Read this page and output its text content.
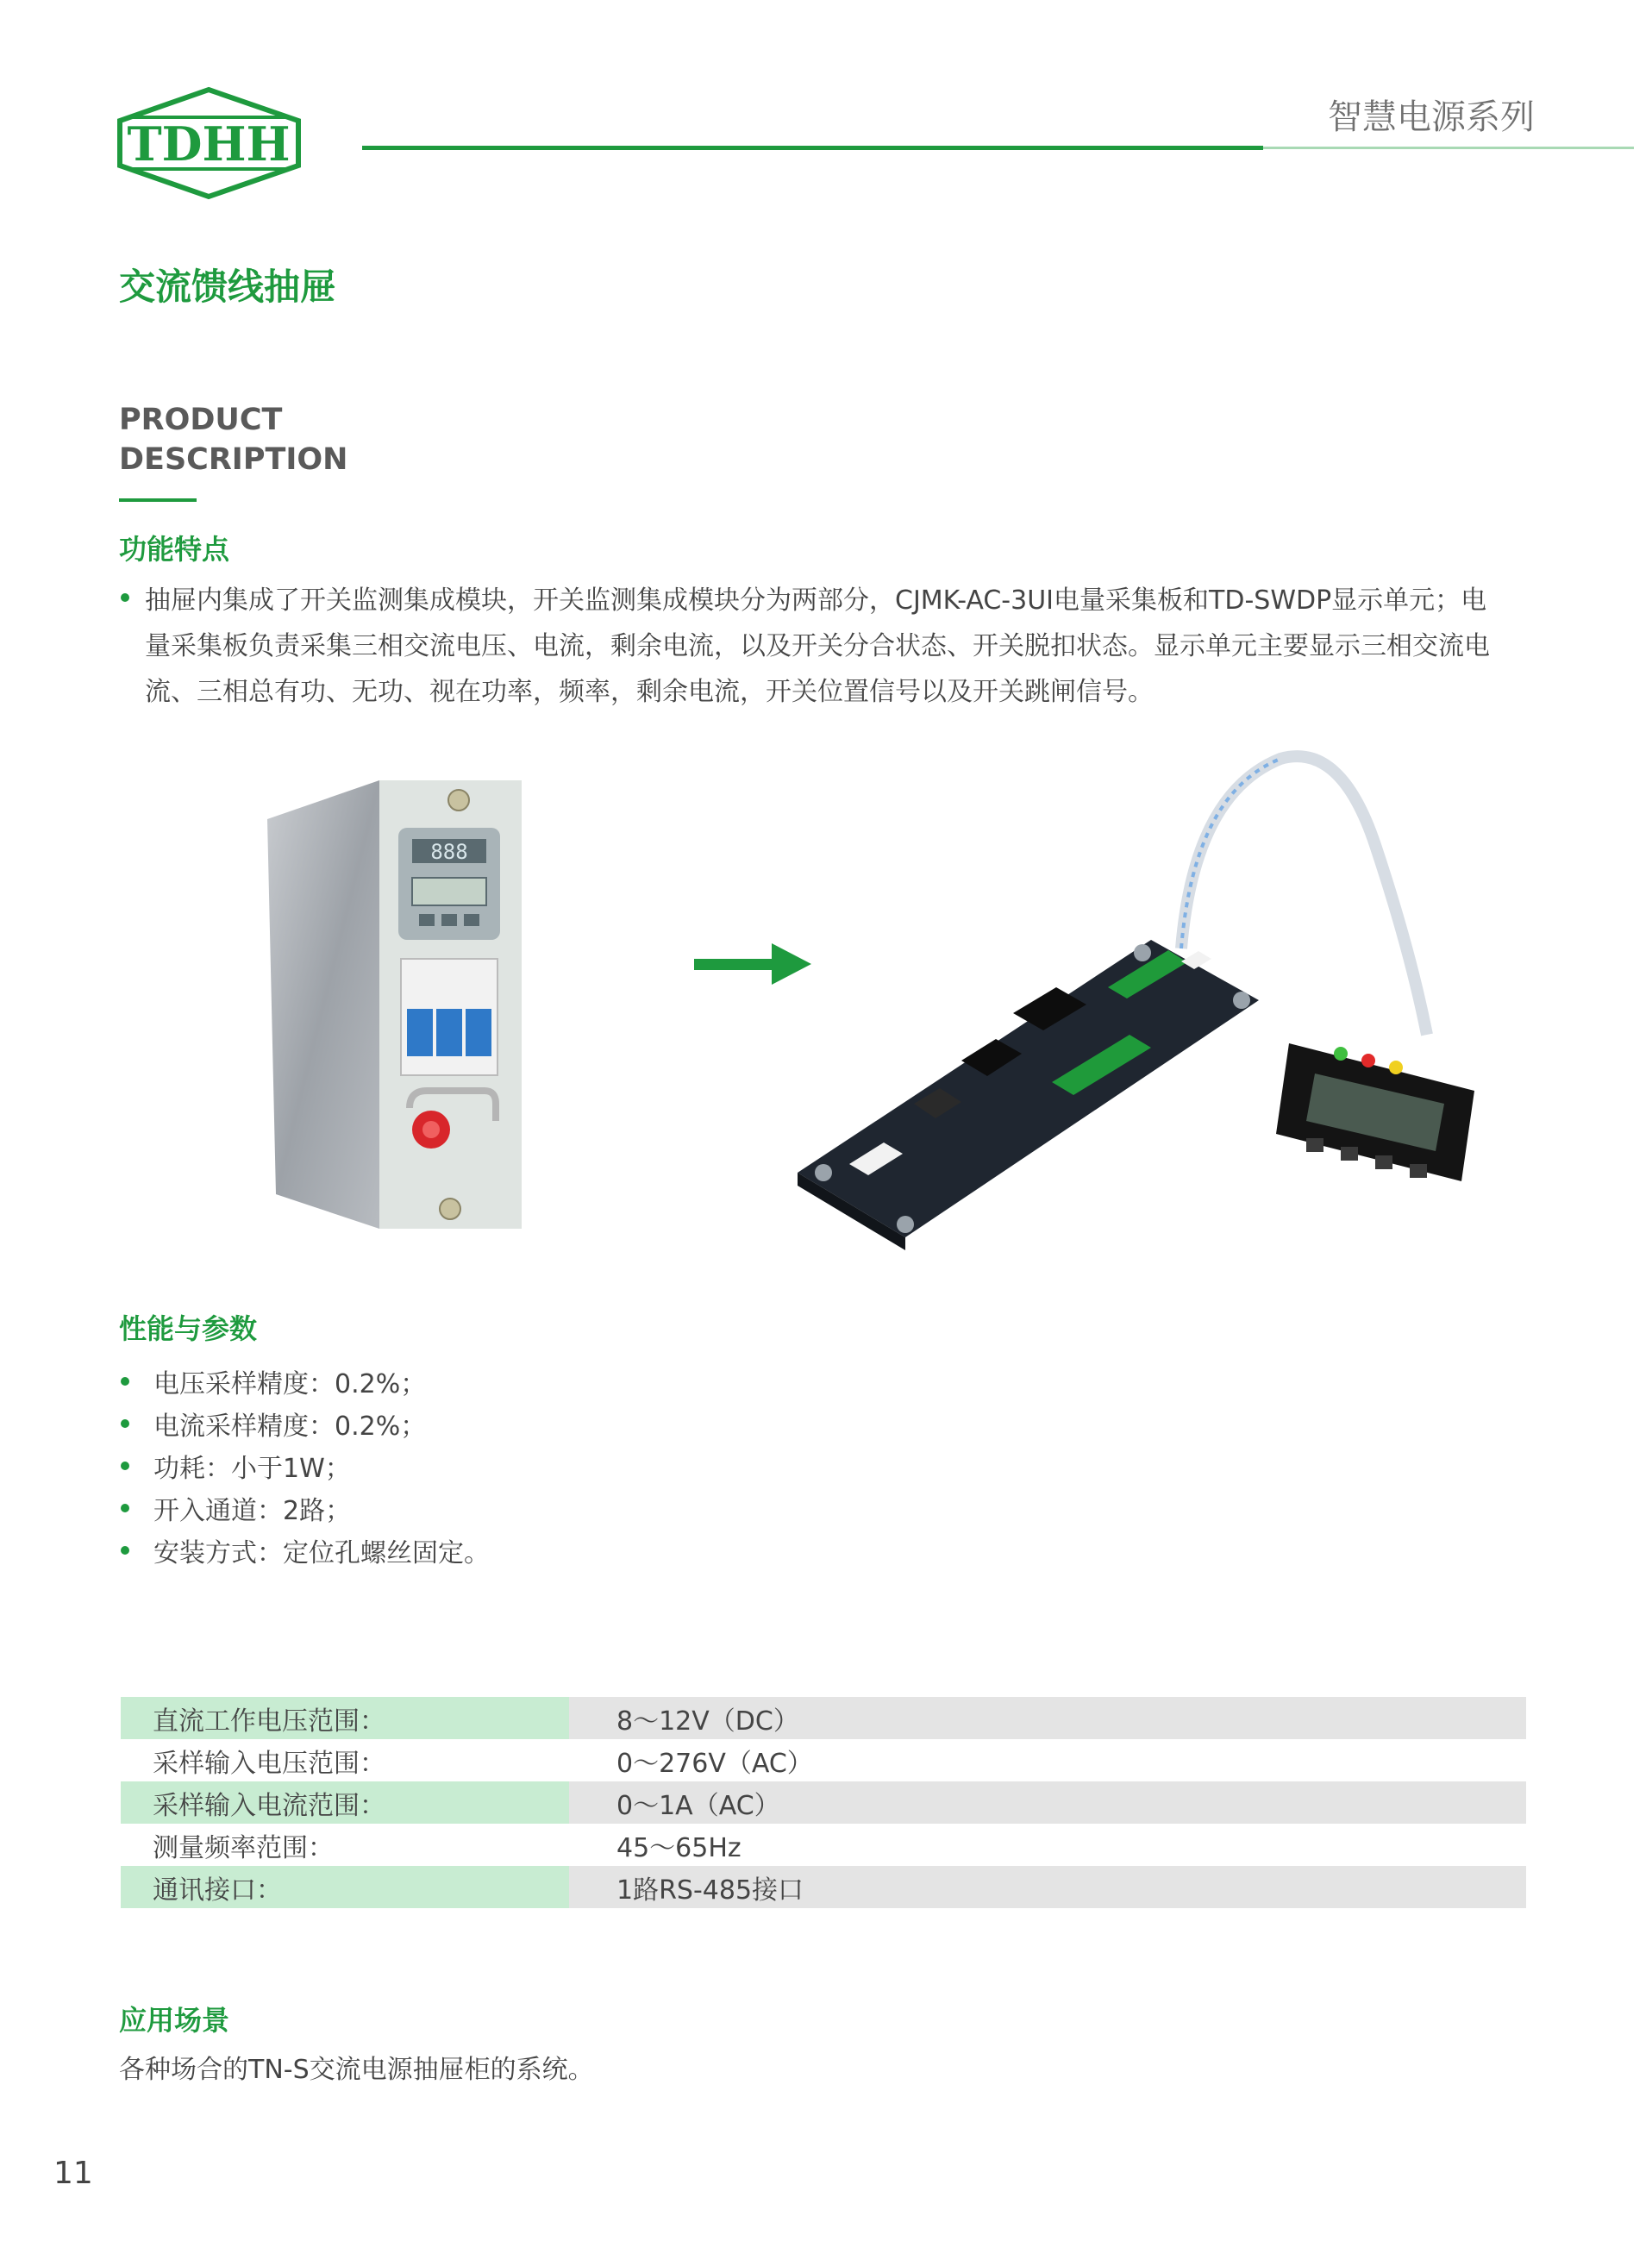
TDHH	智慧电源系列
交流馈线抽屉
PRODUCT
DESCRIPTION
功能特点
抽屉内集成了开关监测集成模块，开关监测集成模块分为两部分，CJMK-AC-3UI电量采集板和TD-SWDP显示单元；电量采集板负责采集三相交流电压、电流，剩余电流，以及开关分合状态、开关脱扣状态。显示单元主要显示三相交流电流、三相总有功、无功、视在功率，频率，剩余电流，开关位置信号以及开关跳闸信号。
888
性能与参数
电压采样精度：0.2%；
电流采样精度：0.2%；
功耗：小于1W；
开入通道：2路；
安装方式：定位孔螺丝固定。
直流工作电压范围：	8～12V（DC）
采样输入电压范围：	0～276V（AC）
采样输入电流范围：	0～1A（AC）
测量频率范围：	45～65Hz
通讯接口：	1路RS-485接口
应用场景
各种场合的TN-S交流电源抽屉柜的系统。
11
